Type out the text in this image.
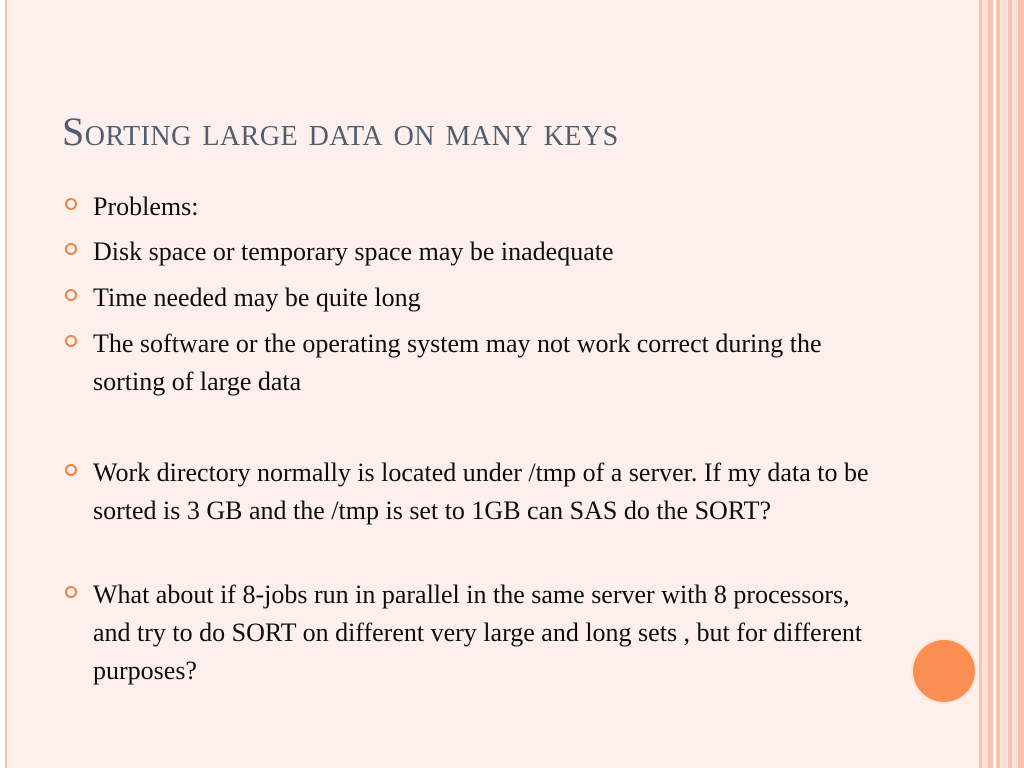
Sorting large data on many keys
Problems:
Disk space or temporary space may be inadequate
Time needed may be quite long
The software or the operating system may not work correct during the sorting of large data
Work directory normally is located under /tmp of a server. If my data to be sorted is 3 GB and the /tmp is set to 1GB can SAS do the SORT?
What about if 8-jobs run in parallel in the same server with 8 processors, and try to do SORT on different very large and long sets , but for different purposes?
